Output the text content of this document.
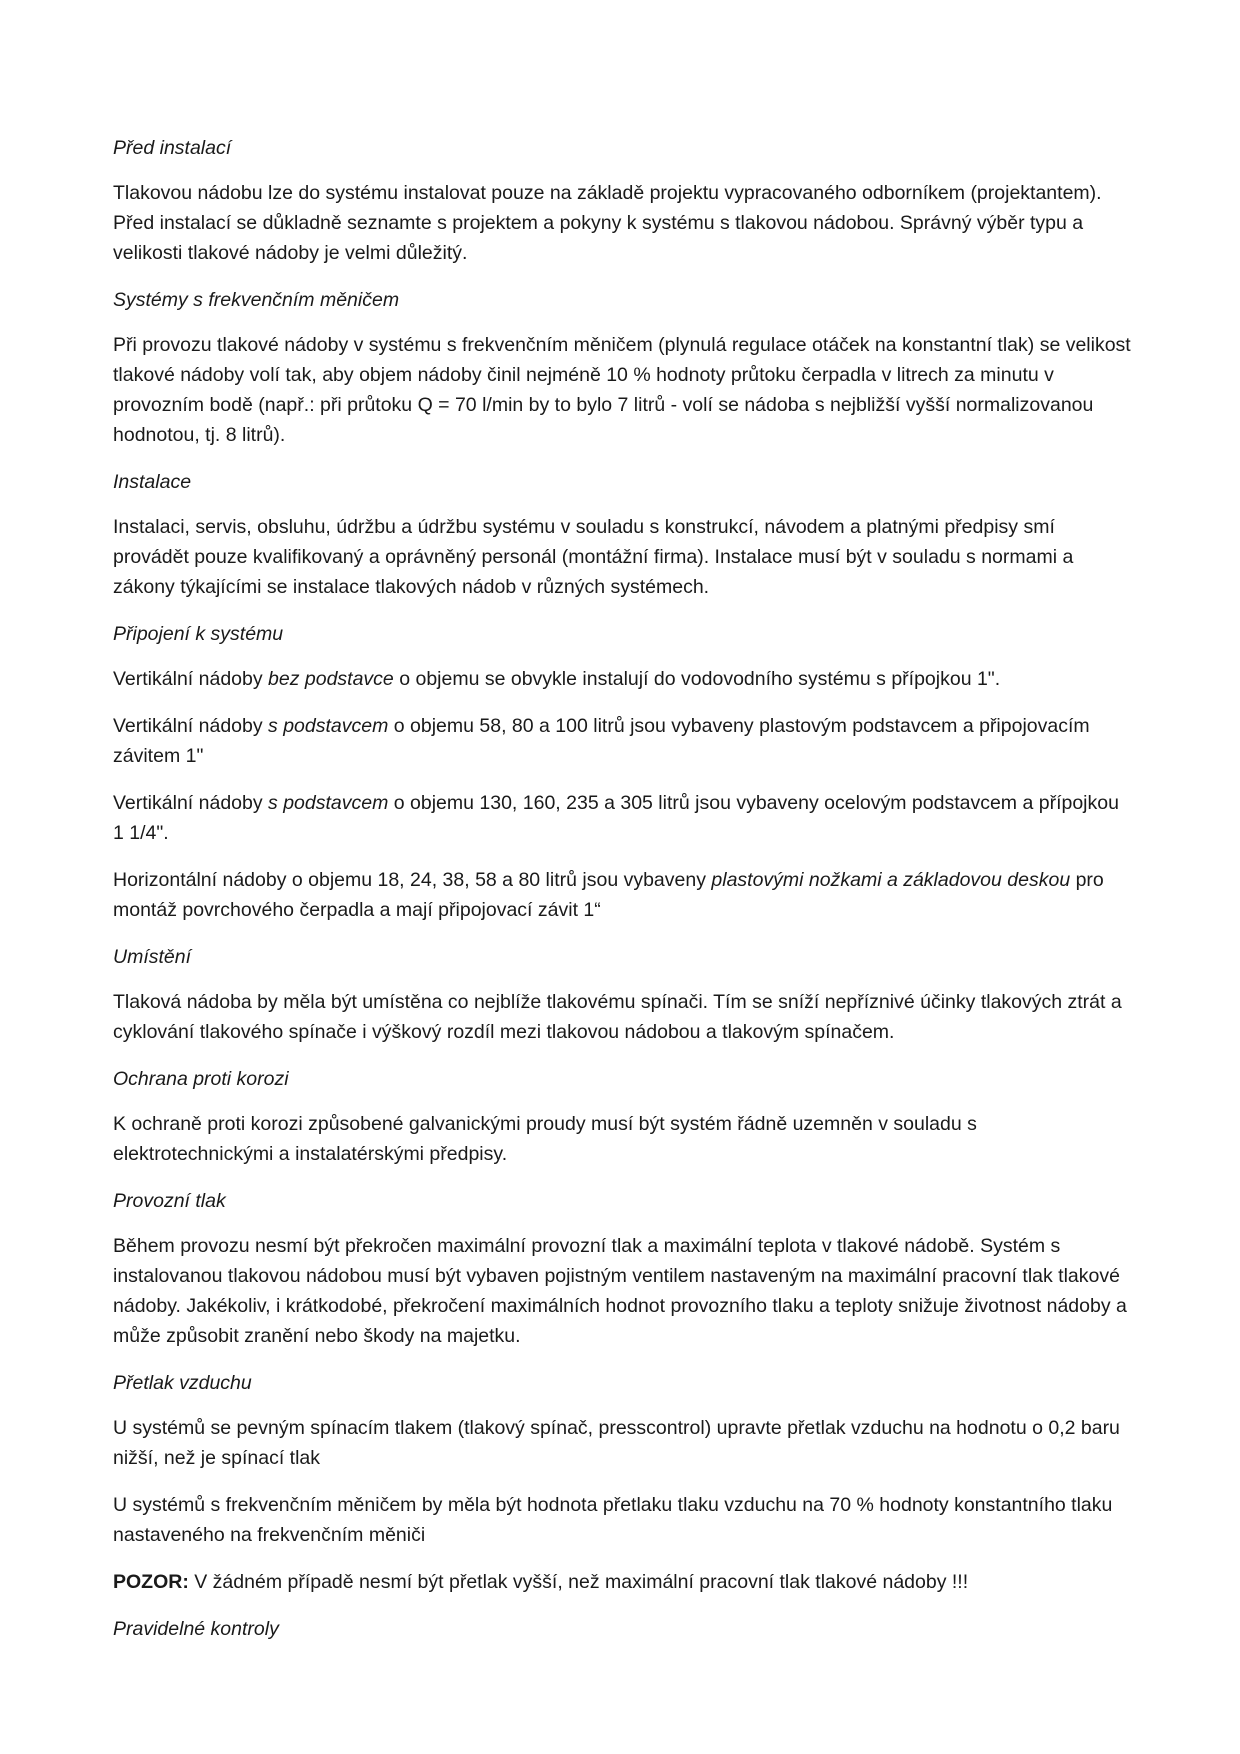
Před instalací

Tlakovou nádobu lze do systému instalovat pouze na základě projektu vypracovaného odborníkem (projektantem). Před instalací se důkladně seznamte s projektem a pokyny k systému s tlakovou nádobou. Správný výběr typu a velikosti tlakové nádoby je velmi důležitý.

Systémy s frekvenčním měničem

Při provozu tlakové nádoby v systému s frekvenčním měničem (plynulá regulace otáček na konstantní tlak) se velikost tlakové nádoby volí tak, aby objem nádoby činil nejméně 10 % hodnoty průtoku čerpadla v litrech za minutu v provozním bodě (např.: při průtoku Q = 70 l/min by to bylo 7 litrů - volí se nádoba s nejbližší vyšší normalizovanou hodnotou, tj. 8 litrů).

Instalace

Instalaci, servis, obsluhu, údržbu a údržbu systému v souladu s konstrukcí, návodem a platnými předpisy smí provádět pouze kvalifikovaný a oprávněný personál (montážní firma). Instalace musí být v souladu s normami a zákony týkajícími se instalace tlakových nádob v různých systémech.

Připojení k systému

Vertikální nádoby bez podstavce o objemu se obvykle instalují do vodovodního systému s přípojkou 1".

Vertikální nádoby s podstavcem o objemu 58, 80 a 100 litrů jsou vybaveny plastovým podstavcem a připojovacím závitem 1"

Vertikální nádoby s podstavcem o objemu 130, 160, 235 a 305 litrů jsou vybaveny ocelovým podstavcem a přípojkou 1 1/4".

Horizontální nádoby o objemu 18, 24, 38, 58 a 80 litrů jsou vybaveny plastovými nožkami a základovou deskou pro montáž povrchového čerpadla a mají připojovací závit 1“

Umístění

Tlaková nádoba by měla být umístěna co nejblíže tlakovému spínači. Tím se sníží nepříznivé účinky tlakových ztrát a cyklování tlakového spínače i výškový rozdíl mezi tlakovou nádobou a tlakovým spínačem.

Ochrana proti korozi

K ochraně proti korozi způsobené galvanickými proudy musí být systém řádně uzemněn v souladu s elektrotechnickými a instalatérskými předpisy.

Provozní tlak

Během provozu nesmí být překročen maximální provozní tlak a maximální teplota v tlakové nádobě. Systém s instalovanou tlakovou nádobou musí být vybaven pojistným ventilem nastaveným na maximální pracovní tlak tlakové nádoby. Jakékoliv, i krátkodobé, překročení maximálních hodnot provozního tlaku a teploty snižuje životnost nádoby a může způsobit zranění nebo škody na majetku.

Přetlak vzduchu

U systémů se pevným spínacím tlakem (tlakový spínač, presscontrol) upravte přetlak vzduchu na hodnotu o 0,2 baru nižší, než je spínací tlak

U systémů s frekvenčním měničem by měla být hodnota přetlaku tlaku vzduchu na 70 % hodnoty konstantního tlaku nastaveného na frekvenčním měniči

POZOR: V žádném případě nesmí být přetlak vyšší, než maximální pracovní tlak tlakové nádoby !!!

Pravidelné kontroly
